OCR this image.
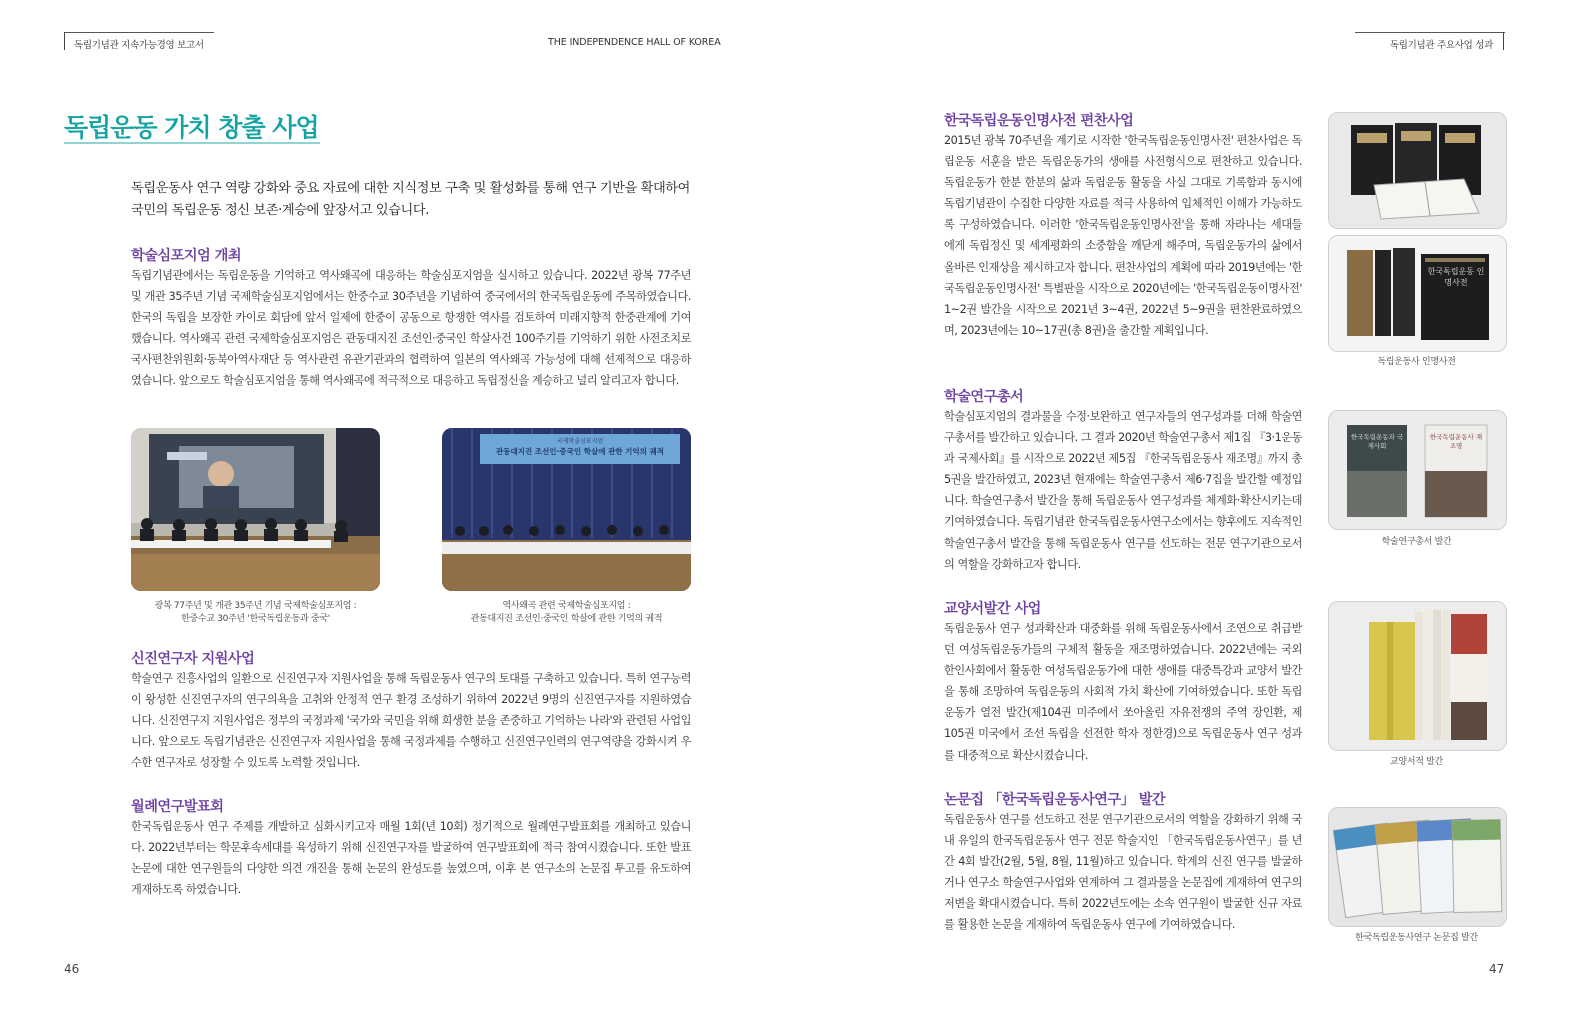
독립기념관 지속가능경영 보고서	THE INDEPENDENCE HALL OF KOREA	독립기념관 주요사업 성과
독립운동 가치 창출 사업
독립운동사 연구 역량 강화와 중요 자료에 대한 지식정보 구축 및 활성화를 통해 연구 기반을 확대하여 국민의 독립운동 정신 보존·계승에 앞장서고 있습니다.
학술심포지엄 개최
독립기념관에서는 독립운동을 기억하고 역사왜곡에 대응하는 학술심포지엄을 실시하고 있습니다. 2022년 광복 77주년 및 개관 35주년 기념 국제학술심포지엄에서는 한중수교 30주년을 기념하여 중국에서의 한국독립운동에 주목하였습니다. 한국의 독립을 보장한 카이로 회담에 앞서 일제에 한중이 공동으로 항쟁한 역사를 검토하여 미래지향적 한중관계에 기여했습니다. 역사왜곡 관련 국제학술심포지엄은 관동대지진 조선인·중국인 학살사건 100주기를 기억하기 위한 사전조치로 국사편찬위원회·동북아역사재단 등 역사관련 유관기관과의 협력하여 일본의 역사왜곡 가능성에 대해 선제적으로 대응하였습니다. 앞으로도 학술심포지엄을 통해 역사왜곡에 적극적으로 대응하고 독립정신을 계승하고 널리 알리고자 합니다.
광복 77주년 및 개관 35주년 기념 국제학술심포지엄 :
한중수교 30주년 '한국독립운동과 중국'
국제학술심포지엄
관동대지진 조선인·중국인 학살에 관한 기억의 궤적
역사왜곡 관련 국제학술심포지엄 :
관동대지진 조선인·중국인 학살에 관한 기억의 궤적
신진연구자 지원사업
학술연구 진흥사업의 일환으로 신진연구자 지원사업을 통해 독립운동사 연구의 토대를 구축하고 있습니다. 특히 연구능력이 왕성한 신진연구자의 연구의욕을 고취와 안정적 연구 환경 조성하기 위하여 2022년 9명의 신진연구자를 지원하였습니다. 신진연구지 지원사업은 정부의 국정과제 '국가와 국민을 위해 희생한 분을 존중하고 기억하는 나라'와 관련된 사업입니다. 앞으로도 독립기념관은 신진연구자 지원사업을 통해 국정과제를 수행하고 신진연구인력의 연구역량을 강화시켜 우수한 연구자로 성장할 수 있도록 노력할 것입니다.
월례연구발표회
한국독립운동사 연구 주제를 개발하고 심화시키고자 매월 1회(년 10회) 정기적으로 월례연구발표회를 개최하고 있습니다. 2022년부터는 학문후속세대를 육성하기 위해 신진연구자를 발굴하여 연구발표회에 적극 참여시켰습니다. 또한 발표 논문에 대한 연구원들의 다양한 의견 개진을 통해 논문의 완성도를 높였으며, 이후 본 연구소의 논문집 투고를 유도하여 게재하도록 하였습니다.
46
한국독립운동인명사전 편찬사업
2015년 광복 70주년을 계기로 시작한 '한국독립운동인명사전' 편찬사업은 독립운동 서훈을 받은 독립운동가의 생애를 사전형식으로 편찬하고 있습니다. 독립운동가 한분 한분의 삶과 독립운동 활동을 사실 그대로 기록함과 동시에 독립기념관이 수집한 다양한 자료를 적극 사용하여 입체적인 이해가 가능하도록 구성하였습니다. 이러한 '한국독립운동인명사전'을 통해 자라나는 세대들에게 독립정신 및 세계평화의 소중함을 깨닫게 해주며, 독립운동가의 삶에서 올바른 인재상을 제시하고자 합니다. 편찬사업의 계획에 따라 2019년에는 '한국독립운동인명사전' 특별판을 시작으로 2020년에는 '한국독립운동이명사전' 1~2권 발간을 시작으로 2021년 3~4권, 2022년 5~9권을 편찬완료하였으며, 2023년에는 10~17권(총 8권)을 출간할 계획입니다.
한국독립운동 인명사전
독립운동사 인명사전
학술연구총서
학술심포지엄의 결과물을 수정·보완하고 연구자들의 연구성과를 더해 학술연구총서를 발간하고 있습니다. 그 결과 2020년 학술연구총서 제1집 『3·1운동과 국제사회』를 시작으로 2022년 제5집 『한국독립운동사 재조명』까지 총 5권을 발간하였고, 2023년 현재에는 학술연구총서 제6·7집을 발간할 예정입니다. 학술연구총서 발간을 통해 독립운동사 연구성과를 체계화·확산시키는데 기여하였습니다. 독립기념관 한국독립운동사연구소에서는 향후에도 지속적인 학술연구총서 발간을 통해 독립운동사 연구를 선도하는 전문 연구기관으로서의 역할을 강화하고자 합니다.
한국독립운동과 국제사회
한국독립운동사 재조명
학술연구총서 발간
교양서발간 사업
독립운동사 연구 성과확산과 대중화를 위해 독립운동사에서 조연으로 취급받던 여성독립운동가들의 구체적 활동을 재조명하였습니다. 2022년에는 국외한인사회에서 활동한 여성독립운동가에 대한 생애를 대중특강과 교양서 발간을 통해 조망하여 독립운동의 사회적 가치 확산에 기여하였습니다. 또한 독립운동가 열전 발간(제104권 미주에서 쏘아올린 자유전쟁의 주역 장인환, 제105권 미국에서 조선 독립을 선전한 학자 정한경)으로 독립운동사 연구 성과를 대중적으로 확산시켰습니다.
교양서적 발간
논문집 「한국독립운동사연구」 발간
독립운동사 연구를 선도하고 전문 연구기관으로서의 역할을 강화하기 위해 국내 유일의 한국독립운동사 연구 전문 학술지인 「한국독립운동사연구」를 년간 4회 발간(2월, 5월, 8월, 11월)하고 있습니다. 학계의 신진 연구를 발굴하거나 연구소 학술연구사업와 연계하여 그 결과물을 논문집에 게재하여 연구의 저변을 확대시켰습니다. 특히 2022년도에는 소속 연구원이 발굴한 신규 자료를 활용한 논문을 게재하여 독립운동사 연구에 기여하였습니다.
한국독립운동사연구 논문집 발간
47
